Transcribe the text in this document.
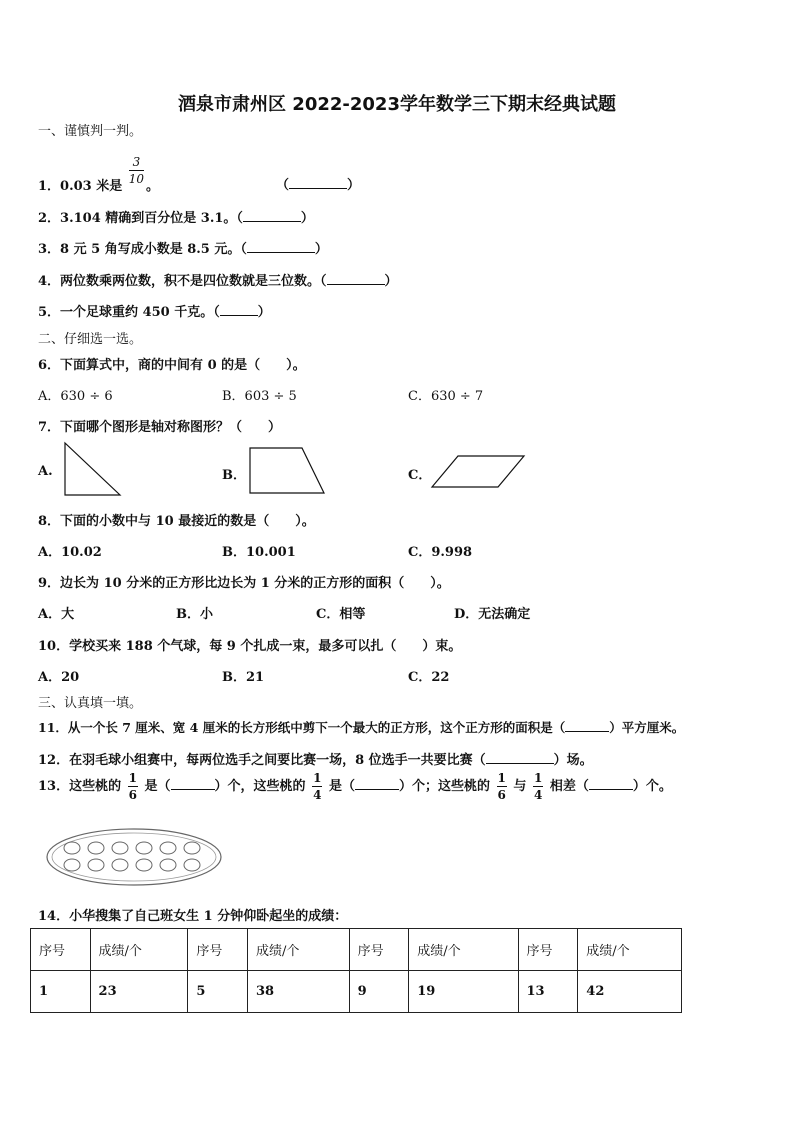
酒泉市肃州区 2022-2023学年数学三下期末经典试题
一、谨慎判一判。
1．0.03 米是
$\frac{3}{10}$
。	（	）
2．3.104 精确到百分位是 3.1。（	）
3．8 元 5 角写成小数是 8.5 元。（	）
4．两位数乘两位数，积不是四位数就是三位数。（	）
5．一个足球重约 450 千克。（	）
二、仔细选一选。
6．下面算式中，商的中间有 0 的是（　　）。
A．630 ÷ 6	B．603 ÷ 5	C．630 ÷ 7
7．下面哪个图形是轴对称图形？（　　）
A.	B．	C．
8．下面的小数中与 10 最接近的数是（　　）。
A．10.02	B．10.001	C．9.998
9．边长为 10 分米的正方形比边长为 1 分米的正方形的面积（　　）。
A．大	B．小	C．相等	D．无法确定
10．学校买来 188 个气球，每 9 个扎成一束，最多可以扎（　　）束。
A．20	B．21	C．22
三、认真填一填。
11．从一个长 7 厘米、宽 4 厘米的长方形纸中剪下一个最大的正方形，这个正方形的面积是（	）平方厘米。
12．在羽毛球小组赛中，每两位选手之间要比赛一场，8 位选手一共要比赛（	）场。
13．这些桃的 $\frac{1}{6}$ 是（	）个，这些桃的 $\frac{1}{4}$ 是（	）个；这些桃的 $\frac{1}{6}$ 与 $\frac{1}{4}$ 相差（	）个。
14．小华搜集了自己班女生 1 分钟仰卧起坐的成绩：
序号	成绩/个	序号	成绩/个	序号	成绩/个	序号	成绩/个
1	23	5	38	9	19	13	42
